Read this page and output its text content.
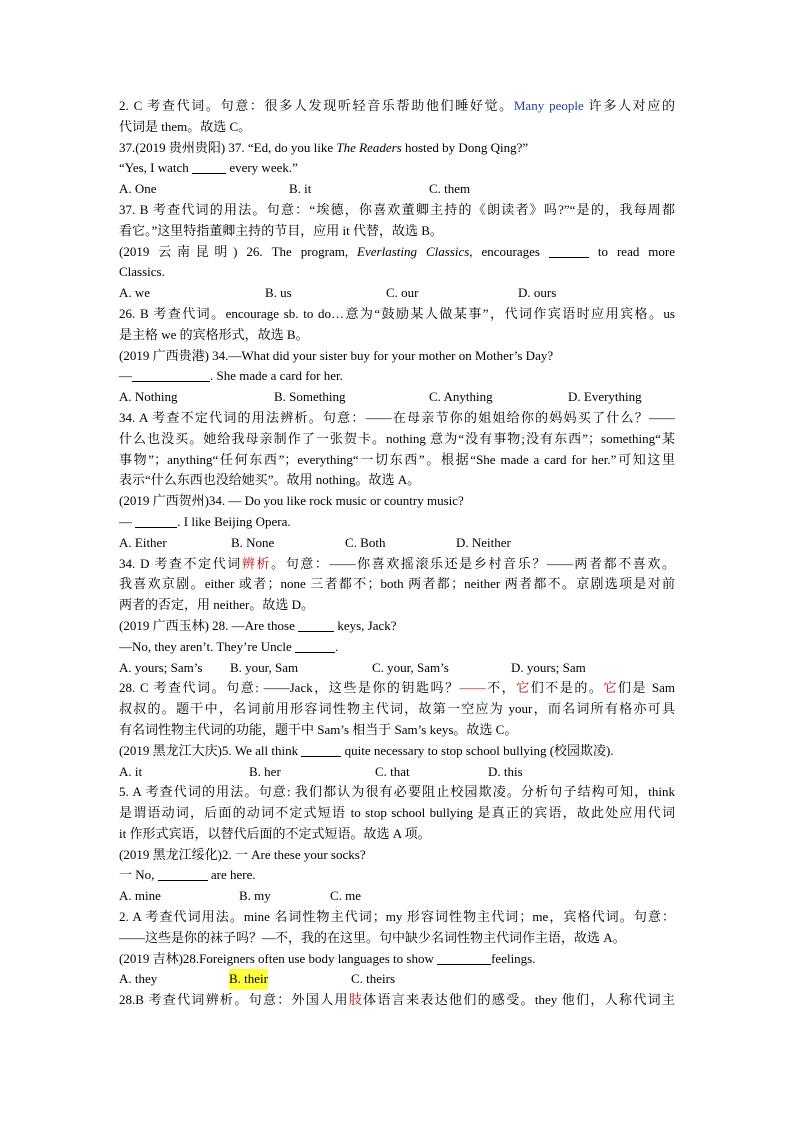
2. C 考查代词。句意：很多人发现听轻音乐帮助他们睡好觉。Many people 许多人对应的
代词是 them。故选 C。
37.(2019 贵州贵阳) 37. “Ed, do you like The Readers hosted by Dong Qing?”
“Yes, I watch	every week.”
A. One	B. it	C. them
37. B 考查代词的用法。句意：“埃德，你喜欢董卿主持的《朗读者》吗?”“是的，我每周都
看它。”这里特指董卿主持的节目，应用 it 代替，故选 B。
(2019 云南昆明) 26. The program, Everlasting Classics, encourages	to read more
Classics.
A. we	B. us	C. our	D. ours
26. B 考查代词。encourage sb. to do…意为“鼓励某人做某事”，代词作宾语时应用宾格。us
是主格 we 的宾格形式，故选 B。
(2019 广西贵港) 34.—What did your sister buy for your mother on Mother’s Day?
—	. She made a card for her.
A. Nothing	B. Something	C. Anything	D. Everything
34. A 考查不定代词的用法辨析。句意：——在母亲节你的姐姐给你的妈妈买了什么？——
什么也没买。她给我母亲制作了一张贺卡。nothing 意为“没有事物;没有东西”；something“某
事物”；anything“任何东西”；everything“一切东西”。根据“She made a card for her.”可知这里
表示“什么东西也没给她买”。故用 nothing。故选 A。
(2019 广西贺州)34. — Do you like rock music or country music?
—	. I like Beijing Opera.
A. Either	B. None	C. Both	D. Neither
34. D 考查不定代词辨析。句意：——你喜欢摇滚乐还是乡村音乐？——两者都不喜欢。
我喜欢京剧。either 或者；none 三者都不；both 两者都；neither 两者都不。京剧选项是对前
两者的否定，用 neither。故选 D。
(2019 广西玉林) 28. —Are those	keys, Jack?
—No, they aren’t. They’re Uncle	.
A. yours; Sam’s B. your, Sam	C. your, Sam’s	D. yours; Sam
28. C 考查代词。句意: ——Jack，这些是你的钥匙吗？——不，它们不是的。它们是 Sam
叔叔的。题干中，名词前用形容词性物主代词，故第一空应为 your，而名词所有格亦可具
有名词性物主代词的功能，题干中 Sam’s 相当于 Sam’s keys。故选 C。
(2019 黑龙江大庆)5. We all think	quite necessary to stop school bullying (校园欺凌).
A. it	B. her	C. that	D. this
5. A 考查代词的用法。句意: 我们都认为很有必要阻止校园欺凌。分析句子结构可知，think
是谓语动词，后面的动词不定式短语 to stop school bullying 是真正的宾语，故此处应用代词
it 作形式宾语，以替代后面的不定式短语。故选 A 项。
(2019 黑龙江绥化)2. 一 Are these your socks?
一 No,	are here.
A. mine	B. my	C. me
2. A 考查代词用法。mine 名词性物主代词；my 形容词性物主代词；me，宾格代词。句意：
——这些是你的袜子吗？—不，我的在这里。句中缺少名词性物主代词作主语，故选 A。
(2019 吉林)28.Foreigners often use body languages to show	feelings.
A. they	B. their	C. theirs
28.B 考查代词辨析。句意：外国人用肢体语言来表达他们的感受。they 他们，人称代词主
